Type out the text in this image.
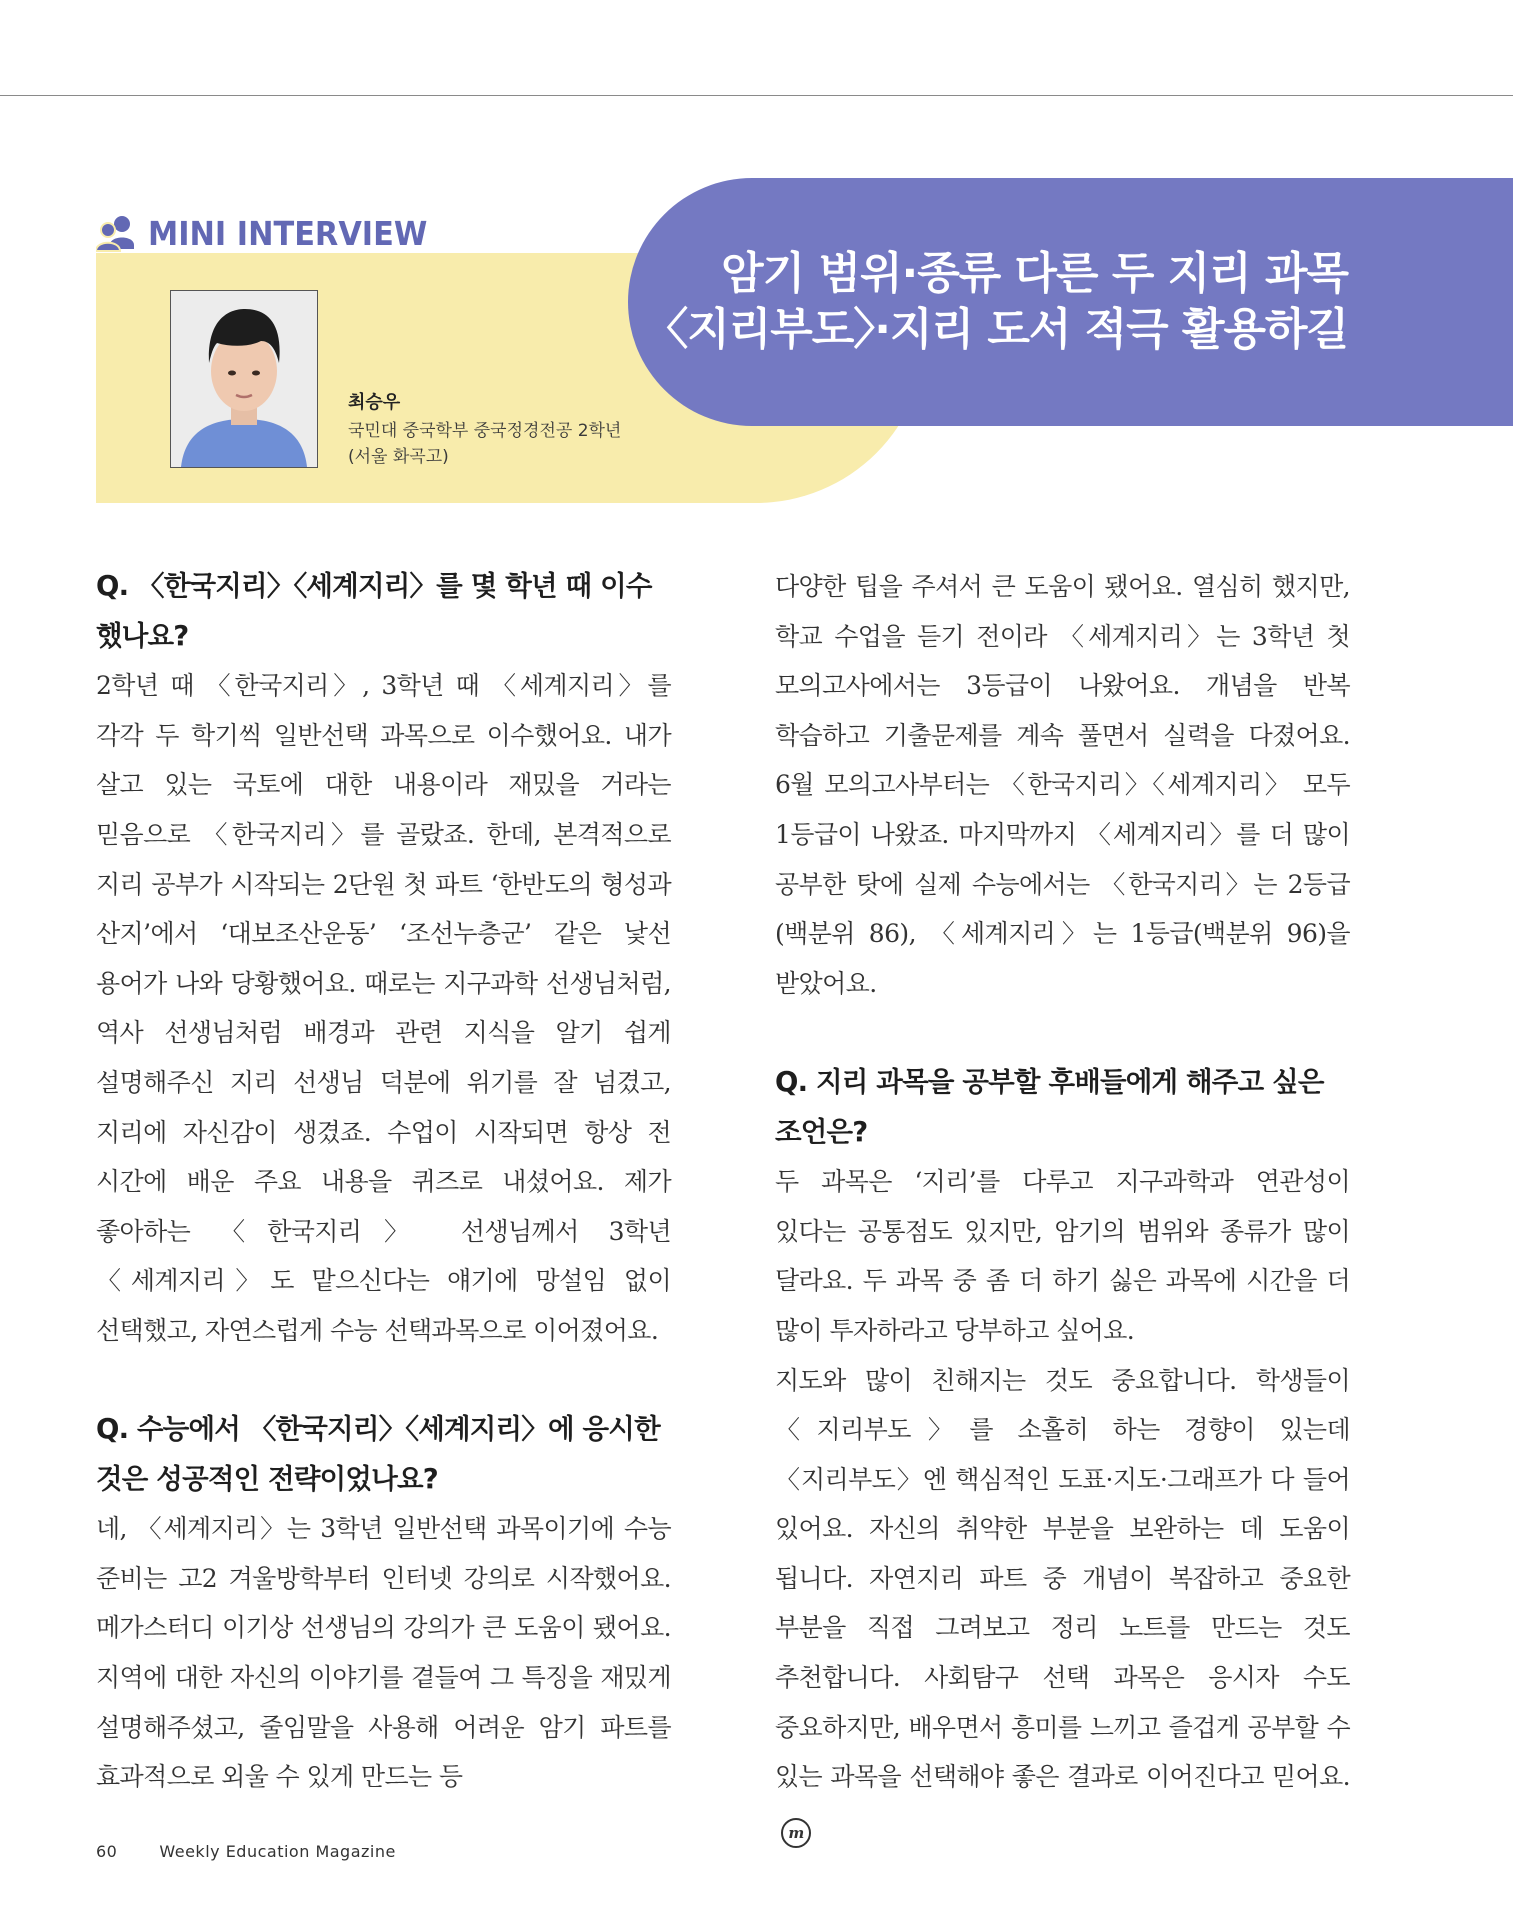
MINI INTERVIEW
암기 범위·종류 다른 두 지리 과목
〈지리부도〉·지리 도서 적극 활용하길
최승우
국민대 중국학부 중국정경전공 2학년
(서울 화곡고)
Q. 〈한국지리〉〈세계지리〉를 몇 학년 때 이수했나요?
2학년 때 〈한국지리〉, 3학년 때 〈세계지리〉를 각각 두 학기씩 일반선택 과목으로 이수했어요. 내가 살고 있는 국토에 대한 내용이라 재밌을 거라는 믿음으로 〈한국지리〉를 골랐죠. 한데, 본격적으로 지리 공부가 시작되는 2단원 첫 파트 ‘한반도의 형성과 산지’에서 ‘대보조산운동’ ‘조선누층군’ 같은 낯선 용어가 나와 당황했어요. 때로는 지구과학 선생님처럼, 역사 선생님처럼 배경과 관련 지식을 알기 쉽게 설명해주신 지리 선생님 덕분에 위기를 잘 넘겼고, 지리에 자신감이 생겼죠. 수업이 시작되면 항상 전 시간에 배운 주요 내용을 퀴즈로 내셨어요. 제가 좋아하는 〈한국지리〉 선생님께서 3학년 〈세계지리〉도 맡으신다는 얘기에 망설임 없이 선택했고, 자연스럽게 수능 선택과목으로 이어졌어요.
Q. 수능에서 〈한국지리〉〈세계지리〉에 응시한 것은 성공적인 전략이었나요?
네, 〈세계지리〉는 3학년 일반선택 과목이기에 수능 준비는 고2 겨울방학부터 인터넷 강의로 시작했어요. 메가스터디 이기상 선생님의 강의가 큰 도움이 됐어요. 지역에 대한 자신의 이야기를 곁들여 그 특징을 재밌게 설명해주셨고, 줄임말을 사용해 어려운 암기 파트를 효과적으로 외울 수 있게 만드는 등
다양한 팁을 주셔서 큰 도움이 됐어요. 열심히 했지만, 학교 수업을 듣기 전이라 〈세계지리〉는 3학년 첫 모의고사에서는 3등급이 나왔어요. 개념을 반복 학습하고 기출문제를 계속 풀면서 실력을 다졌어요. 6월 모의고사부터는 〈한국지리〉〈세계지리〉 모두 1등급이 나왔죠. 마지막까지 〈세계지리〉를 더 많이 공부한 탓에 실제 수능에서는 〈한국지리〉는 2등급(백분위 86), 〈세계지리〉는 1등급(백분위 96)을 받았어요.
Q. 지리 과목을 공부할 후배들에게 해주고 싶은 조언은?
두 과목은 ‘지리’를 다루고 지구과학과 연관성이 있다는 공통점도 있지만, 암기의 범위와 종류가 많이 달라요. 두 과목 중 좀 더 하기 싫은 과목에 시간을 더 많이 투자하라고 당부하고 싶어요.
지도와 많이 친해지는 것도 중요합니다. 학생들이 〈지리부도〉를 소홀히 하는 경향이 있는데 〈지리부도〉엔 핵심적인 도표·지도·그래프가 다 들어 있어요. 자신의 취약한 부분을 보완하는 데 도움이 됩니다. 자연지리 파트 중 개념이 복잡하고 중요한 부분을 직접 그려보고 정리 노트를 만드는 것도 추천합니다. 사회탐구 선택 과목은 응시자 수도 중요하지만, 배우면서 흥미를 느끼고 즐겁게 공부할 수 있는 과목을 선택해야 좋은 결과로 이어진다고 믿어요.m
60	Weekly Education Magazine
